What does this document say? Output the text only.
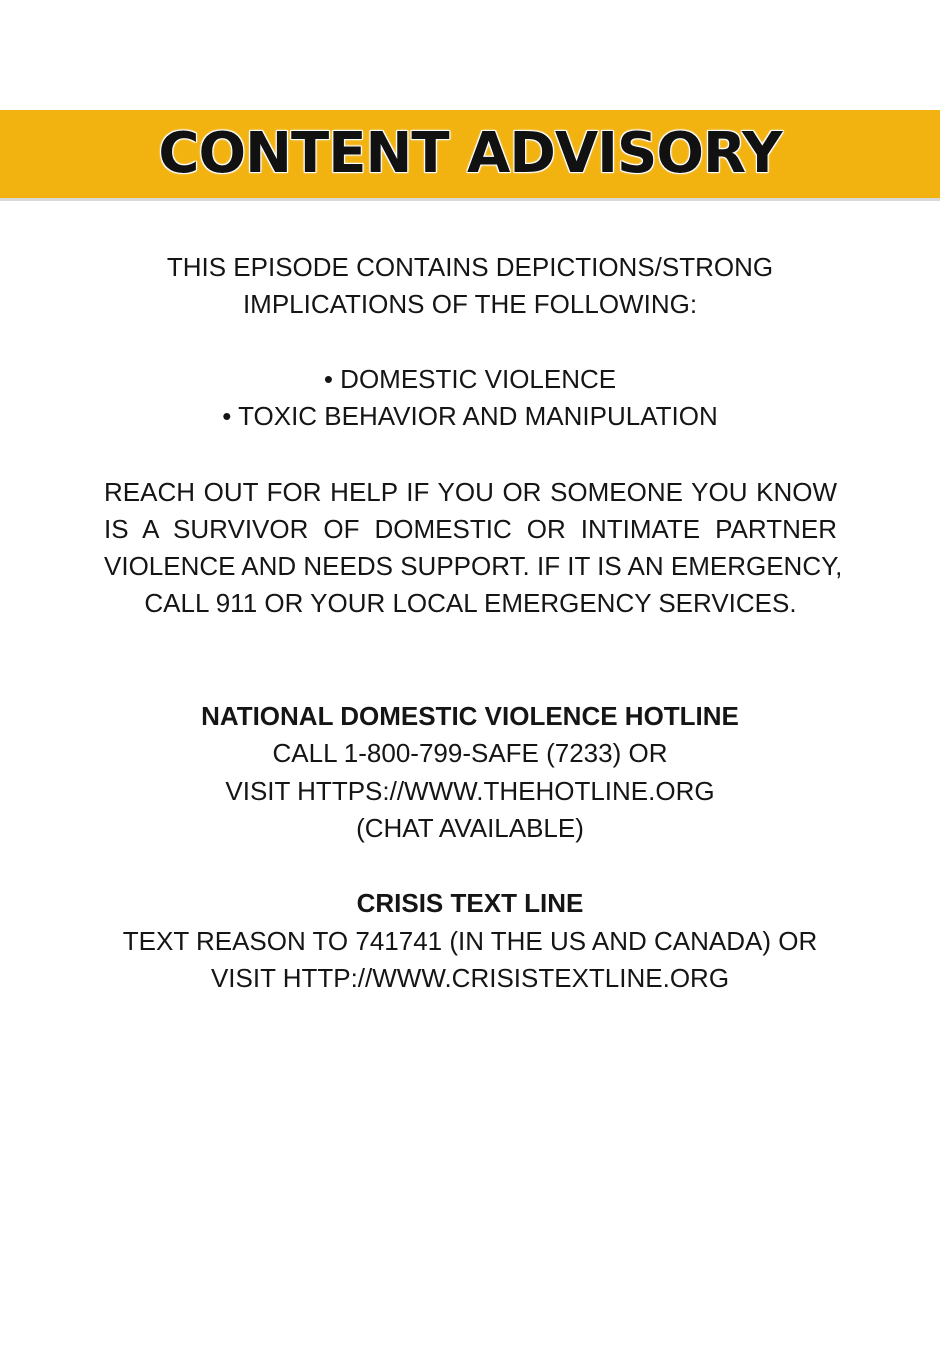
CONTENT ADVISORY
THIS EPISODE CONTAINS DEPICTIONS/STRONG
IMPLICATIONS OF THE FOLLOWING:
• DOMESTIC VIOLENCE
• TOXIC BEHAVIOR AND MANIPULATION
REACH OUT FOR HELP IF YOU OR SOMEONE YOU KNOW
IS A SURVIVOR OF DOMESTIC OR INTIMATE PARTNER
VIOLENCE AND NEEDS SUPPORT. IF IT IS AN EMERGENCY,
CALL 911 OR YOUR LOCAL EMERGENCY SERVICES.
NATIONAL DOMESTIC VIOLENCE HOTLINE
CALL 1-800-799-SAFE (7233) OR
VISIT HTTPS://WWW.THEHOTLINE.ORG
(CHAT AVAILABLE)
CRISIS TEXT LINE
TEXT REASON TO 741741 (IN THE US AND CANADA) OR
VISIT HTTP://WWW.CRISISTEXTLINE.ORG
